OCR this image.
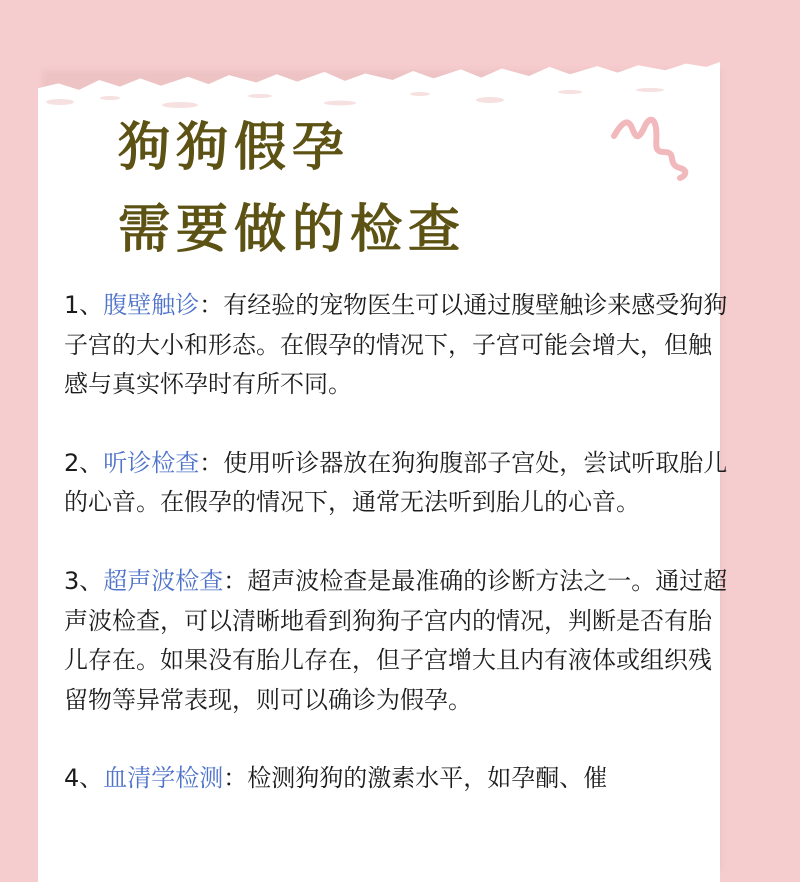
狗狗假孕
需要做的检查

1、腹壁触诊：有经验的宠物医生可以通过腹壁触诊来感受狗狗子宫的大小和形态。在假孕的情况下，子宫可能会增大，但触感与真实怀孕时有所不同。

2、听诊检查：使用听诊器放在狗狗腹部子宫处，尝试听取胎儿的心音。在假孕的情况下，通常无法听到胎儿的心音。

3、超声波检查：超声波检查是最准确的诊断方法之一。通过超声波检查，可以清晰地看到狗狗子宫内的情况，判断是否有胎儿存在。如果没有胎儿存在，但子宫增大且内有液体或组织残留物等异常表现，则可以确诊为假孕。

4、血清学检测：检测狗狗的激素水平，如孕酮、催
